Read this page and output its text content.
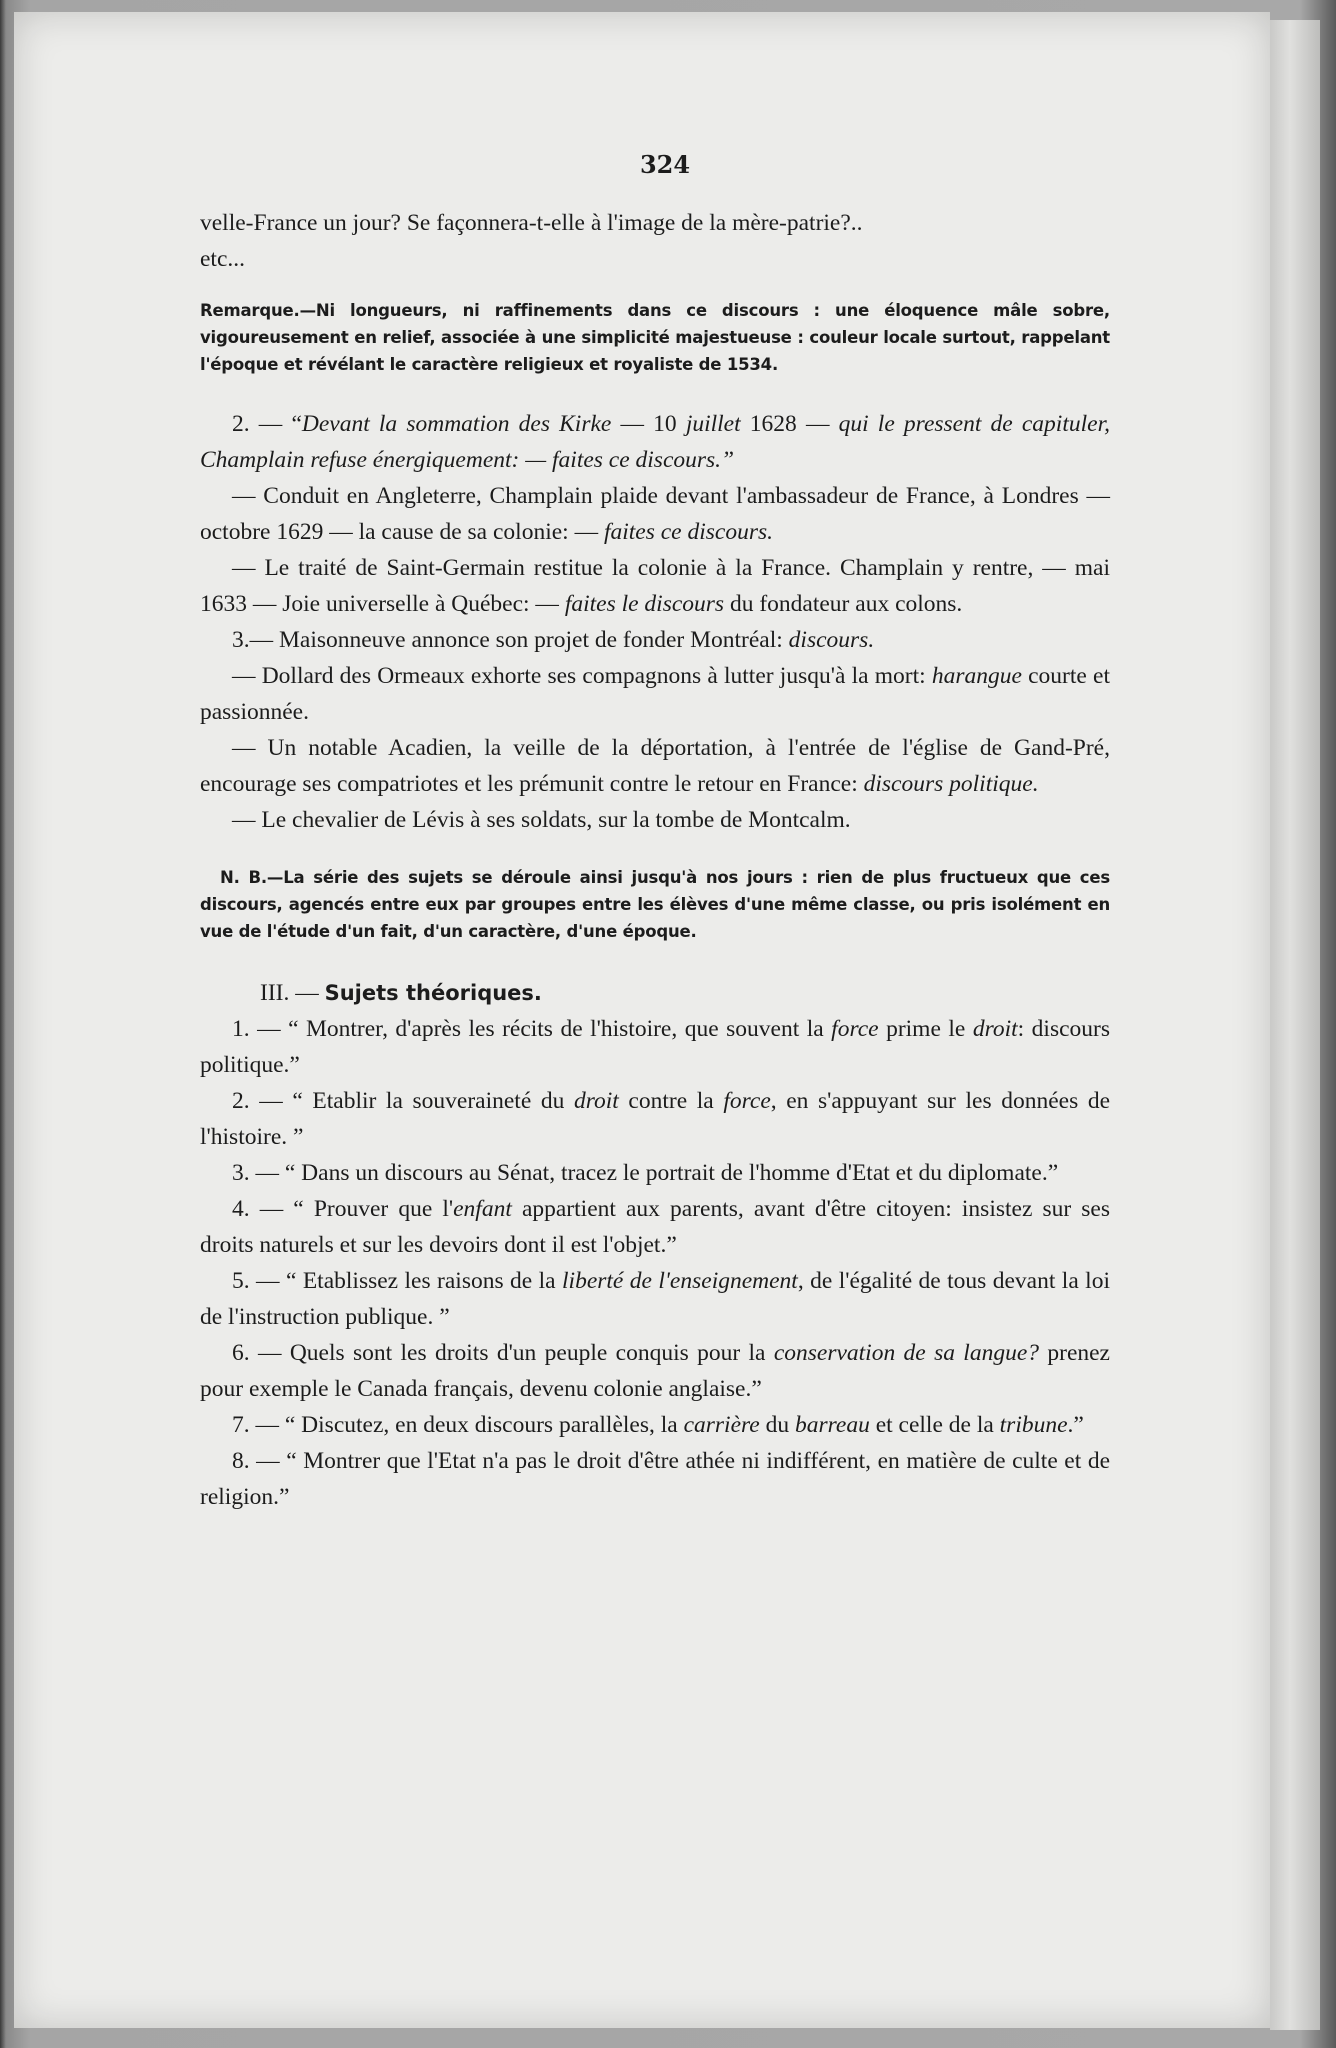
324

velle-France un jour? Se façonnera-t-elle à l'image de la mère-patrie?..

etc...

Remarque.—Ni longueurs, ni raffinements dans ce discours : une éloquence mâle sobre, vigoureusement en relief, associée à une simplicité majestueuse : couleur locale surtout, rappelant l'époque et révélant le caractère religieux et royaliste de 1534.

2. — “Devant la sommation des Kirke — 10 juillet 1628 — qui le pressent de capituler, Champlain refuse énergiquement: — faites ce discours.”

— Conduit en Angleterre, Champlain plaide devant l'ambassadeur de France, à Londres — octobre 1629 — la cause de sa colonie: — faites ce discours.

— Le traité de Saint-Germain restitue la colonie à la France. Champlain y rentre, — mai 1633 — Joie universelle à Québec: — faites le discours du fondateur aux colons.

3.— Maisonneuve annonce son projet de fonder Montréal: discours.

— Dollard des Ormeaux exhorte ses compagnons à lutter jusqu'à la mort: harangue courte et passionnée.

— Un notable Acadien, la veille de la déportation, à l'entrée de l'église de Gand-Pré, encourage ses compatriotes et les prémunit contre le retour en France: discours politique.

— Le chevalier de Lévis à ses soldats, sur la tombe de Montcalm.

N. B.—La série des sujets se déroule ainsi jusqu'à nos jours : rien de plus fructueux que ces discours, agencés entre eux par groupes entre les élèves d'une même classe, ou pris isolément en vue de l'étude d'un fait, d'un caractère, d'une époque.

III. — Sujets théoriques.

1. — “ Montrer, d'après les récits de l'histoire, que souvent la force prime le droit: discours politique.”

2. — “ Etablir la souveraineté du droit contre la force, en s'appuyant sur les données de l'histoire. ”

3. — “ Dans un discours au Sénat, tracez le portrait de l'homme d'Etat et du diplomate.”

4. — “ Prouver que l'enfant appartient aux parents, avant d'être citoyen: insistez sur ses droits naturels et sur les devoirs dont il est l'objet.”

5. — “ Etablissez les raisons de la liberté de l'enseignement, de l'égalité de tous devant la loi de l'instruction publique. ”

6. — Quels sont les droits d'un peuple conquis pour la conservation de sa langue? prenez pour exemple le Canada français, devenu colonie anglaise.”

7. — “ Discutez, en deux discours parallèles, la carrière du barreau et celle de la tribune.”

8. — “ Montrer que l'Etat n'a pas le droit d'être athée ni indifférent, en matière de culte et de religion.”
